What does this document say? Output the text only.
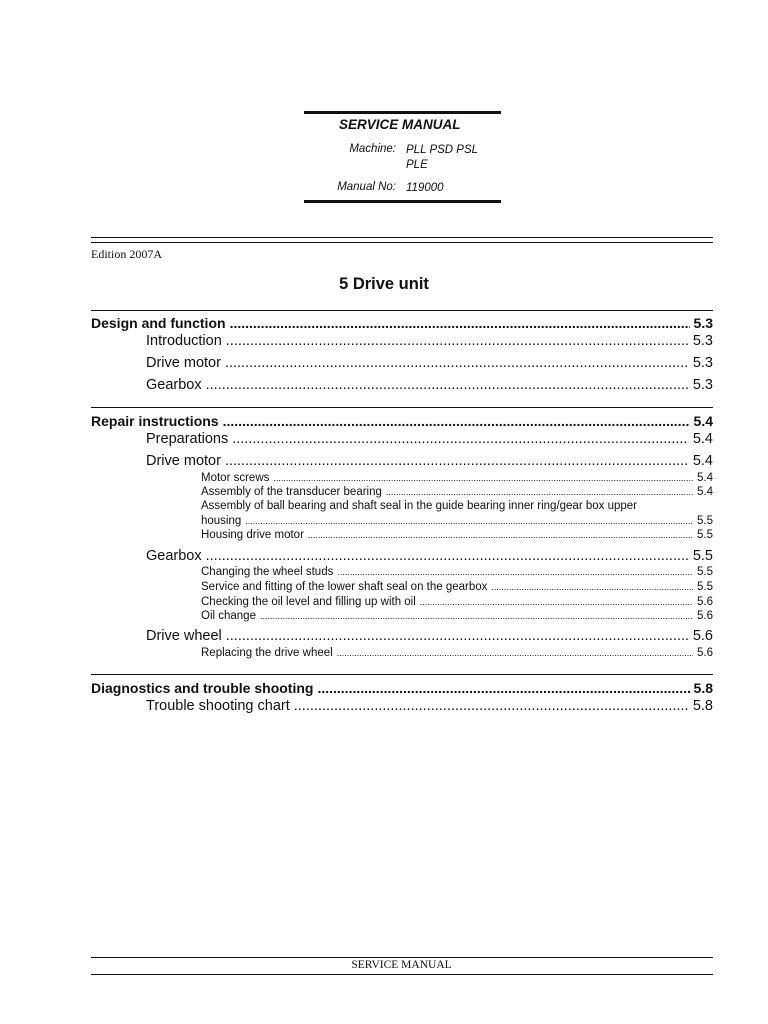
SERVICE MANUAL
Machine: PLL PSD PSL PLE
Manual No: 119000
Edition 2007A
5 Drive unit
Design and function .....	5.3
Introduction .....	5.3
Drive motor .....	5.3
Gearbox .....	5.3
Repair instructions .....	5.4
Preparations .....	5.4
Drive motor .....	5.4
Motor screws .....	5.4
Assembly of the transducer bearing .....	5.4
Assembly of ball bearing and shaft seal in the guide bearing inner ring/gear box upper
housing .....	5.5
Housing drive motor .....	5.5
Gearbox .....	5.5
Changing the wheel studs .....	5.5
Service and fitting of the lower shaft seal on the gearbox .....	5.5
Checking the oil level and filling up with oil .....	5.6
Oil change .....	5.6
Drive wheel .....	5.6
Replacing the drive wheel .....	5.6
Diagnostics and trouble shooting .....	5.8
Trouble shooting chart .....	5.8
SERVICE MANUAL
